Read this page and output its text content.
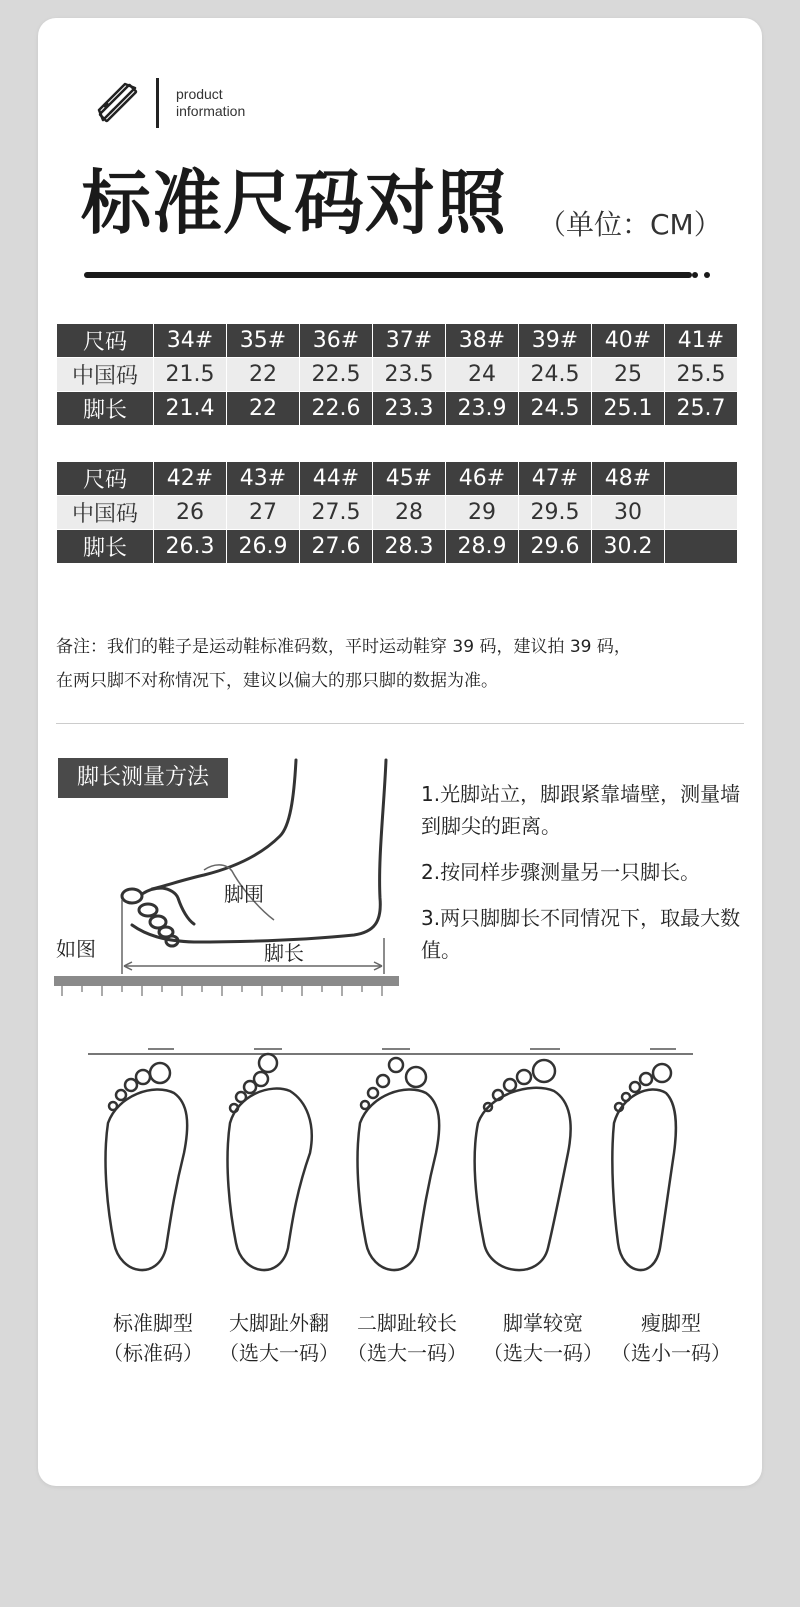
product
information
标准尺码对照 （单位：CM）
尺码	34#	35#	36#	37#	38#	39#	40#	41#
中国码	21.5	22	22.5	23.5	24	24.5	25	25.5
脚长	21.4	22	22.6	23.3	23.9	24.5	25.1	25.7
尺码	42#	43#	44#	45#	46#	47#	48#	
中国码	26	27	27.5	28	29	29.5	30	
脚长	26.3	26.9	27.6	28.3	28.9	29.6	30.2	
备注：我们的鞋子是运动鞋标准码数，平时运动鞋穿 39 码，建议拍 39 码，
在两只脚不对称情况下，建议以偏大的那只脚的数据为准。
脚围
脚长
脚长测量方法
如图

1.光脚站立，脚跟紧靠墙壁，测量墙到脚尖的距离。

2.按同样步骤测量另一只脚长。

3.两只脚脚长不同情况下，取最大数值。

标准脚型
（标准码）
大脚趾外翻
（选大一码）
二脚趾较长
（选大一码）
脚掌较宽
（选大一码）
瘦脚型
（选小一码）
